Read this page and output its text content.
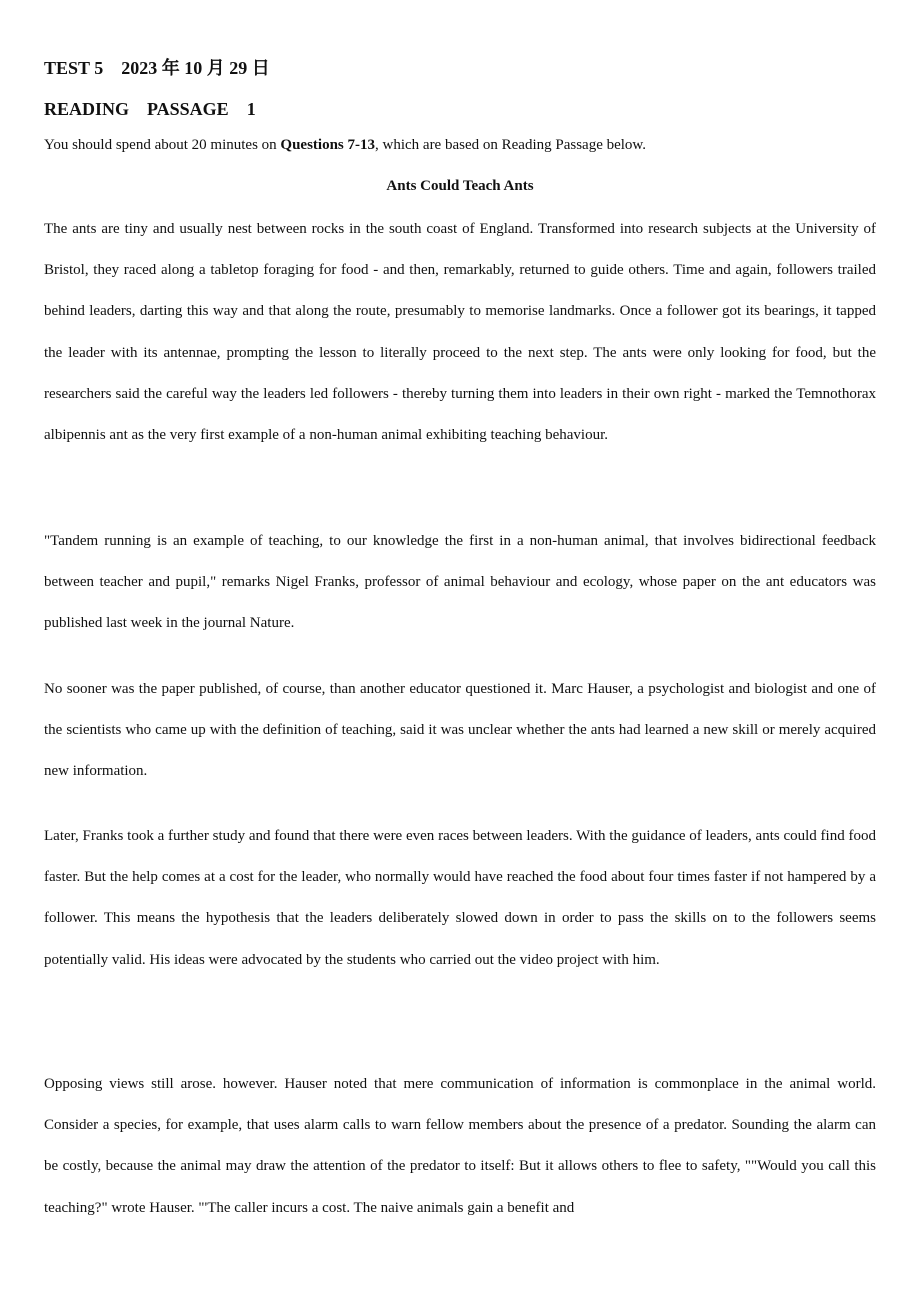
TEST 5　2023 年 10 月 29 日
READING　PASSAGE　1
You should spend about 20 minutes on Questions 7-13, which are based on Reading Passage below.
Ants Could Teach Ants

The ants are tiny and usually nest between rocks in the south coast of England. Transformed into research subjects at the University of Bristol, they raced along a tabletop foraging for food - and then, remarkably, returned to guide others. Time and again, followers trailed behind leaders, darting this way and that along the route, presumably to memorise landmarks. Once a follower got its bearings, it tapped the leader with its antennae, prompting the lesson to literally proceed to the next step. The ants were only looking for food, but the researchers said the careful way the leaders led followers - thereby turning them into leaders in their own right - marked the Temnothorax albipennis ant as the very first example of a non-human animal exhibiting teaching behaviour.

"Tandem running is an example of teaching, to our knowledge the first in a non-human animal, that involves bidirectional feedback between teacher and pupil," remarks Nigel Franks, professor of animal behaviour and ecology, whose paper on the ant educators was published last week in the journal Nature.

No sooner was the paper published, of course, than another educator questioned it. Marc Hauser, a psychologist and biologist and one of the scientists who came up with the definition of teaching, said it was unclear whether the ants had learned a new skill or merely acquired new information.

Later, Franks took a further study and found that there were even races between leaders. With the guidance of leaders, ants could find food faster. But the help comes at a cost for the leader, who normally would have reached the food about four times faster if not hampered by a follower. This means the hypothesis that the leaders deliberately slowed down in order to pass the skills on to the followers seems potentially valid. His ideas were advocated by the students who carried out the video project with him.

Opposing views still arose. however. Hauser noted that mere communication of information is commonplace in the animal world. Consider a species, for example, that uses alarm calls to warn fellow members about the presence of a predator. Sounding the alarm can be costly, because the animal may draw the attention of the predator to itself: But it allows others to flee to safety, ""Would you call this teaching?" wrote Hauser. "'The caller incurs a cost. The naive animals gain a benefit and
